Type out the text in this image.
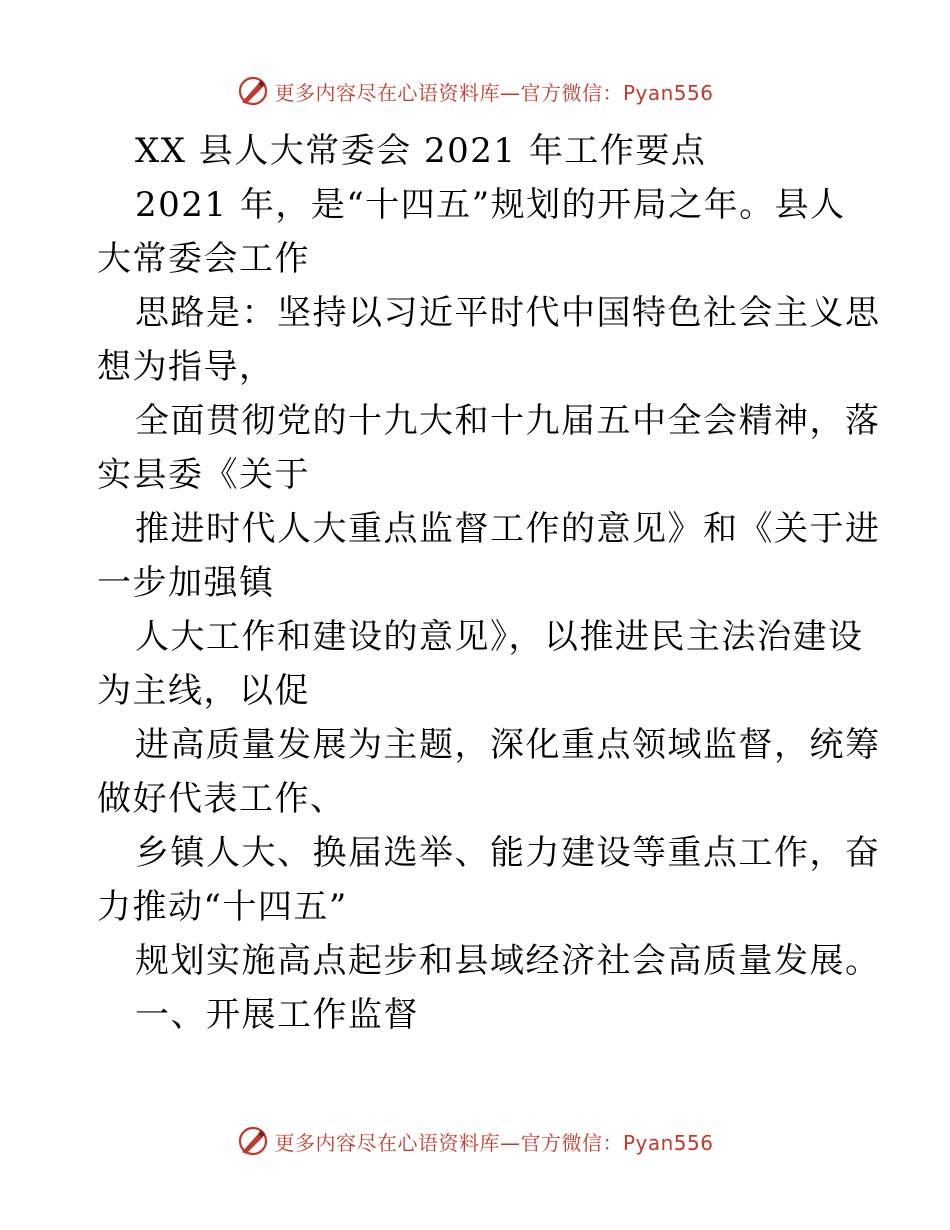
更多内容尽在心语资料库—官方微信：Pyan556
XX 县人大常委会 2021 年工作要点
2021 年，是“十四五”规划的开局之年。县人
大常委会工作
思路是：坚持以习近平时代中国特色社会主义思
想为指导，
全面贯彻党的十九大和十九届五中全会精神，落
实县委《关于
推进时代人大重点监督工作的意见》和《关于进
一步加强镇
人大工作和建设的意见》，以推进民主法治建设
为主线，以促
进高质量发展为主题，深化重点领域监督，统筹
做好代表工作、
乡镇人大、换届选举、能力建设等重点工作，奋
力推动“十四五”
规划实施高点起步和县域经济社会高质量发展。
一、开展工作监督
更多内容尽在心语资料库—官方微信：Pyan556
